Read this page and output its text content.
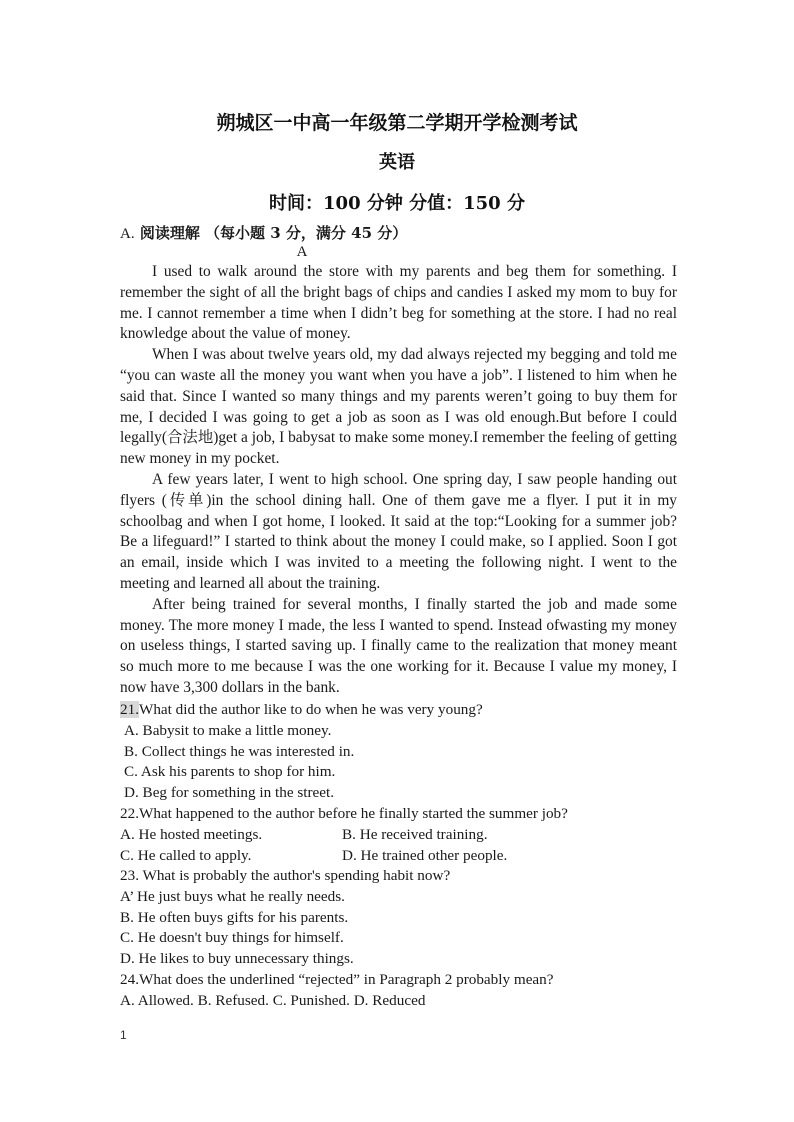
朔城区一中高一年级第二学期开学检测考试
英语
时间：100 分钟 分值：150 分
A. 阅读理解 （每小题 3 分，满分 45 分）
A

I used to walk around the store with my parents and beg them for something. I remember the sight of all the bright bags of chips and candies I asked my mom to buy for me. I cannot remember a time when I didn’t beg for something at the store. I had no real knowledge about the value of money.

When I was about twelve years old, my dad always rejected my begging and told me “you can waste all the money you want when you have a job”. I listened to him when he said that. Since I wanted so many things and my parents weren’t going to buy them for me, I decided I was going to get a job as soon as I was old enough.But before I could legally(合法地)get a job, I babysat to make some money.I remember the feeling of getting new money in my pocket.

A few years later, I went to high school. One spring day, I saw people handing out flyers (传单)in the school dining hall. One of them gave me a flyer. I put it in my schoolbag and when I got home, I looked. It said at the top:“Looking for a summer job? Be a lifeguard!” I started to think about the money I could make, so I applied. Soon I got an email, inside which I was invited to a meeting the following night. I went to the meeting and learned all about the training.

After being trained for several months, I finally started the job and made some money. The more money I made, the less I wanted to spend. Instead ofwasting my money on useless things, I started saving up. I finally came to the realization that money meant so much more to me because I was the one working for it. Because I value my money, I now have 3,300 dollars in the bank.

21.What did the author like to do when he was very young?

A. Babysit to make a little money.

B. Collect things he was interested in.

C. Ask his parents to shop for him.

D. Beg for something in the street.

22.What happened to the author before he finally started the summer job?

A. He hosted meetings.	B. He received training.

C. He called to apply.	D. He trained other people.

23. What is probably the author's spending habit now?

A’ He just buys what he really needs.

B. He often buys gifts for his parents.

C. He doesn't buy things for himself.

D. He likes to buy unnecessary things.

24.What does the underlined “rejected” in Paragraph 2 probably mean?

A. Allowed. B. Refused. C. Punished. D. Reduced

1
